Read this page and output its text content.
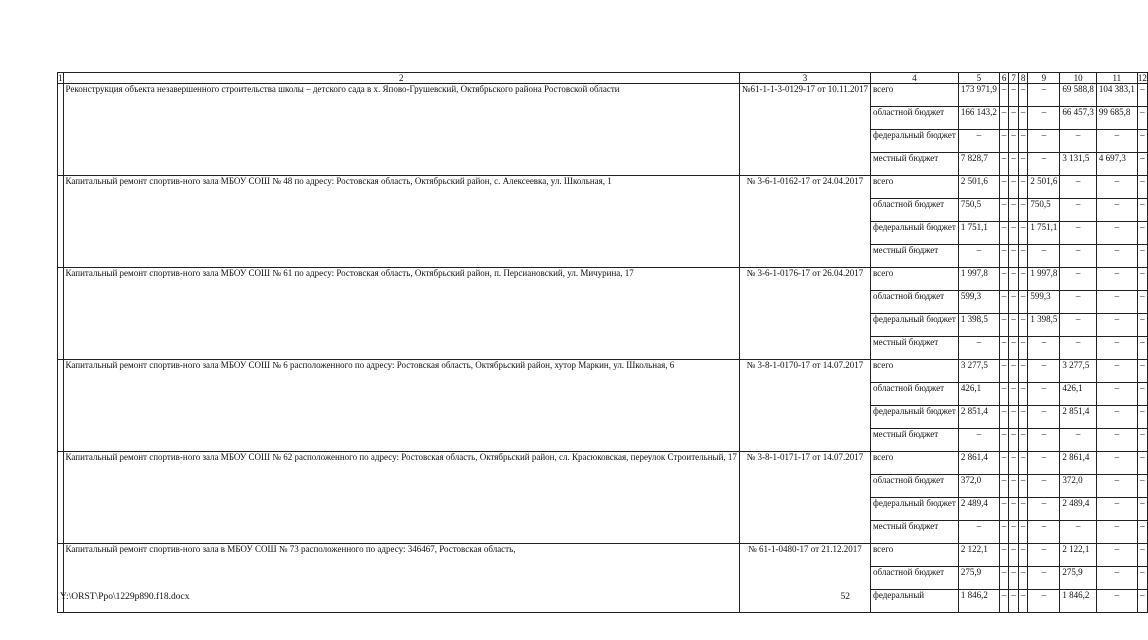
1	2	3	4	5	6	7	8	9	10	11	12
	Реконструкция объекта незавершенного строительства школы – детского сада в х. Япово-Грушевский, Октябрьского района Ростовской области	№61-1-1-3-0129-17 от 10.11.2017	всего	173 971,9	–	–	–	–	69 588,8	104 383,1	–
			областной бюджет	166 143,2	–	–	–	–	66 457,3	99 685,8	–
			федеральный бюджет	–	–	–	–	–	–	–	–
			местный бюджет	7 828,7	–	–	–	–	3 131,5	4 697,3	–
	Капитальный ремонт спортив-ного зала МБОУ СОШ № 48 по адресу: Ростовская область, Октябрьский район, с. Алексеевка, ул. Школьная, 1	№ 3-6-1-0162-17 от 24.04.2017	всего	2 501,6	–	–	–	2 501,6	–	–	–
			областной бюджет	750,5	–	–	–	750,5	–	–	–
			федеральный бюджет	1 751,1	–	–	–	1 751,1	–	–	–
			местный бюджет	–	–	–	–	–	–	–	–
	Капитальный ремонт спортив-ного зала МБОУ СОШ № 61 по адресу: Ростовская область, Октябрьский район, п. Персиановский, ул. Мичурина, 17	№ 3-6-1-0176-17 от 26.04.2017	всего	1 997,8	–	–	–	1 997,8	–	–	–
			областной бюджет	599,3	–	–	–	599,3	–	–	–
			федеральный бюджет	1 398,5	–	–	–	1 398,5	–	–	–
			местный бюджет	–	–	–	–	–	–	–	–
	Капитальный ремонт спортив-ного зала МБОУ СОШ № 6 расположенного по адресу: Ростовская область, Октябрьский район, хутор Маркин, ул. Школьная, 6	№ 3-8-1-0170-17 от 14.07.2017	всего	3 277,5	–	–	–	–	3 277,5	–	–
			областной бюджет	426,1	–	–	–	–	426,1	–	–
			федеральный бюджет	2 851,4	–	–	–	–	2 851,4	–	–
			местный бюджет	–	–	–	–	–	–	–	–
	Капитальный ремонт спортив-ного зала МБОУ СОШ № 62 расположенного по адресу: Ростовская область, Октябрьский район, сл. Красюковская, переулок Строительный, 17	№ 3-8-1-0171-17 от 14.07.2017	всего	2 861,4	–	–	–	–	2 861,4	–	–
			областной бюджет	372,0	–	–	–	–	372,0	–	–
			федеральный бюджет	2 489,4	–	–	–	–	2 489,4	–	–
			местный бюджет	–	–	–	–	–	–	–	–
	Капитальный ремонт спортив-ного зала в МБОУ СОШ № 73 расположенного по адресу: 346467, Ростовская область,	№ 61-1-0480-17 от 21.12.2017	всего	2 122,1	–	–	–	–	2 122,1	–	–
			областной бюджет	275,9	–	–	–	–	275,9	–	–
			федеральный	1 846,2	–	–	–	–	1 846,2	–	–
Y:\ORST\Ppo\1229p890.f18.docx	52
